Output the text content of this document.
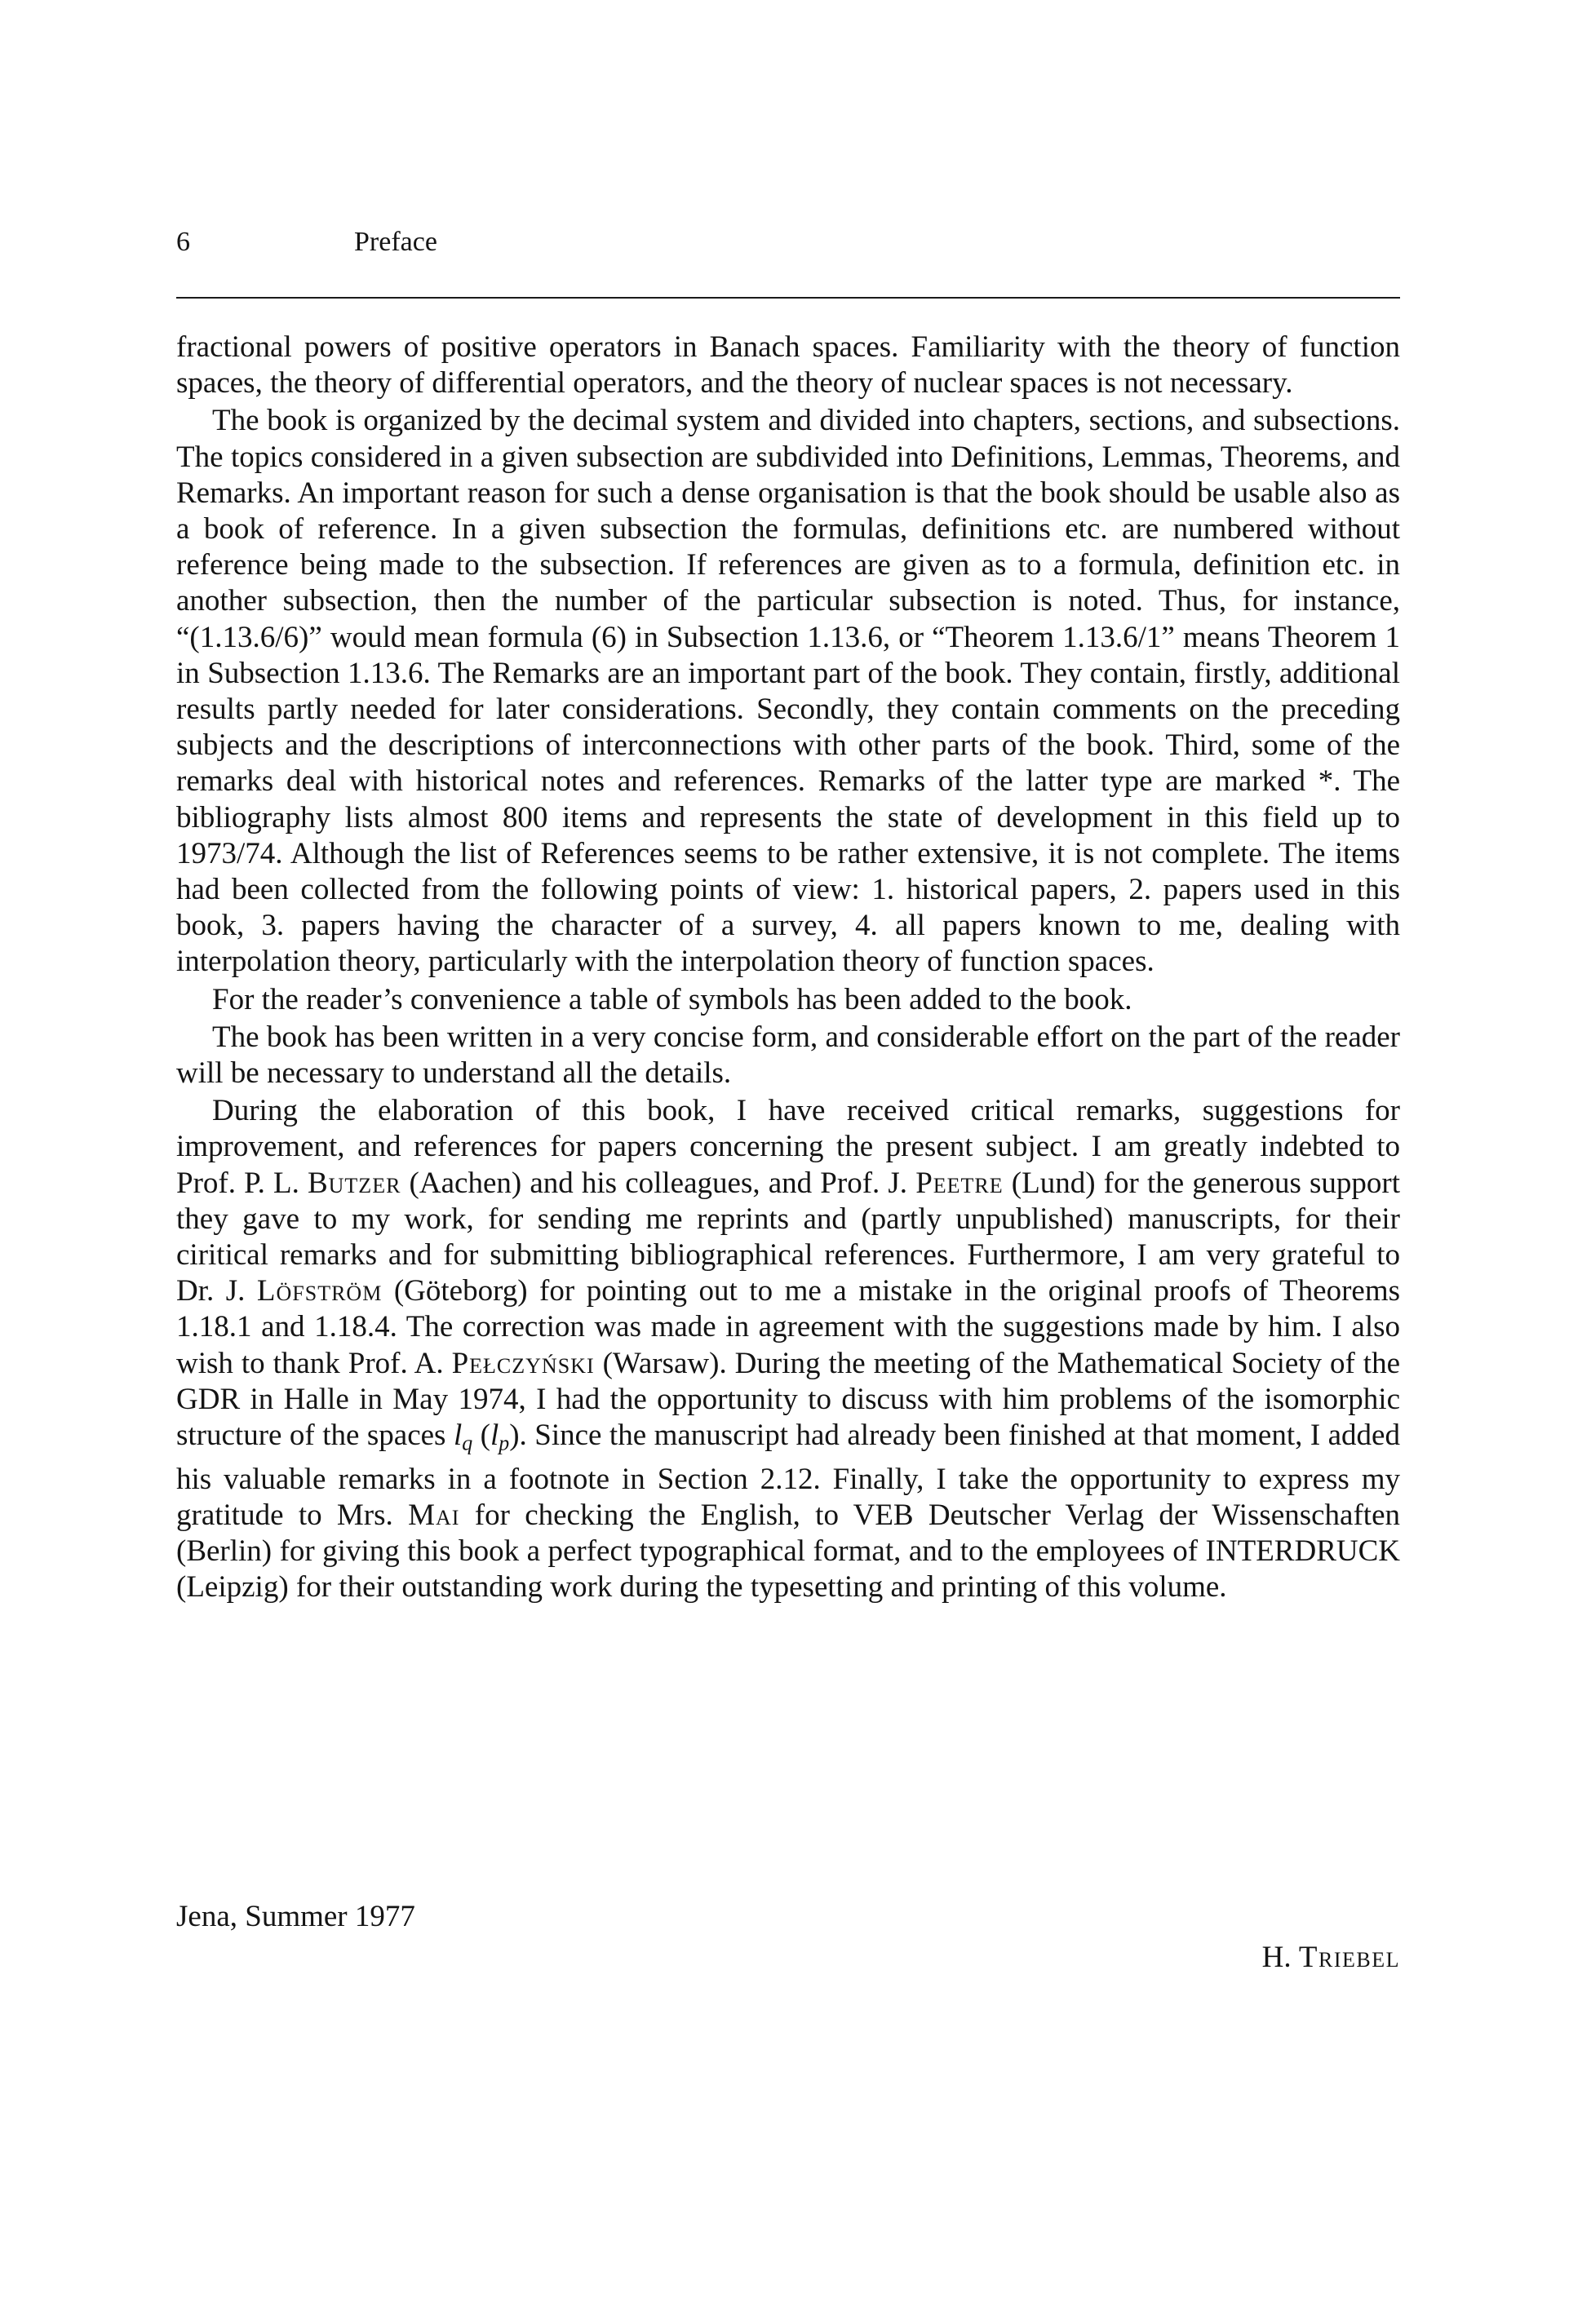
6	Preface

fractional powers of positive operators in Banach spaces. Familiarity with the theory of function spaces, the theory of differential operators, and the theory of nuclear spaces is not necessary.

The book is organized by the decimal system and divided into chapters, sections, and subsections. The topics considered in a given subsection are subdivided into Definitions, Lemmas, Theorems, and Remarks. An important reason for such a dense organisation is that the book should be usable also as a book of reference. In a given subsection the formulas, definitions etc. are numbered without reference being made to the subsection. If references are given as to a formula, definition etc. in another subsection, then the number of the particular subsection is noted. Thus, for instance, “(1.13.6/6)” would mean formula (6) in Subsection 1.13.6, or “Theorem 1.13.6/1” means Theorem 1 in Subsection 1.13.6. The Remarks are an important part of the book. They contain, firstly, additional results partly needed for later considerations. Secondly, they contain comments on the preceding subjects and the descriptions of interconnections with other parts of the book. Third, some of the remarks deal with historical notes and references. Remarks of the latter type are marked *. The bibliography lists almost 800 items and represents the state of development in this field up to 1973/74. Although the list of References seems to be rather extensive, it is not complete. The items had been collected from the following points of view: 1. historical papers, 2. papers used in this book, 3. papers having the character of a survey, 4. all papers known to me, dealing with interpolation theory, particularly with the interpolation theory of function spaces.

For the reader’s convenience a table of symbols has been added to the book.

The book has been written in a very concise form, and considerable effort on the part of the reader will be necessary to understand all the details.

During the elaboration of this book, I have received critical remarks, suggestions for improvement, and references for papers concerning the present subject. I am greatly indebted to Prof. P. L. Butzer (Aachen) and his colleagues, and Prof. J. Peetre (Lund) for the generous support they gave to my work, for sending me reprints and (partly unpublished) manuscripts, for their ciritical remarks and for submitting bibliographical references. Furthermore, I am very grateful to Dr. J. Löfström (Göteborg) for pointing out to me a mistake in the original proofs of Theorems 1.18.1 and 1.18.4. The correction was made in agreement with the suggestions made by him. I also wish to thank Prof. A. Pełczyński (Warsaw). During the meeting of the Mathematical Society of the GDR in Halle in May 1974, I had the opportunity to discuss with him problems of the isomorphic structure of the spaces $l_q$ $(l_p)$. Since the manuscript had already been finished at that moment, I added his valuable remarks in a footnote in Section 2.12. Finally, I take the opportunity to express my gratitude to Mrs. Mai for checking the English, to VEB Deutscher Verlag der Wissenschaften (Berlin) for giving this book a perfect typographical format, and to the employees of INTERDRUCK (Leipzig) for their outstanding work during the typesetting and printing of this volume.

Jena, Summer 1977
H. Triebel
